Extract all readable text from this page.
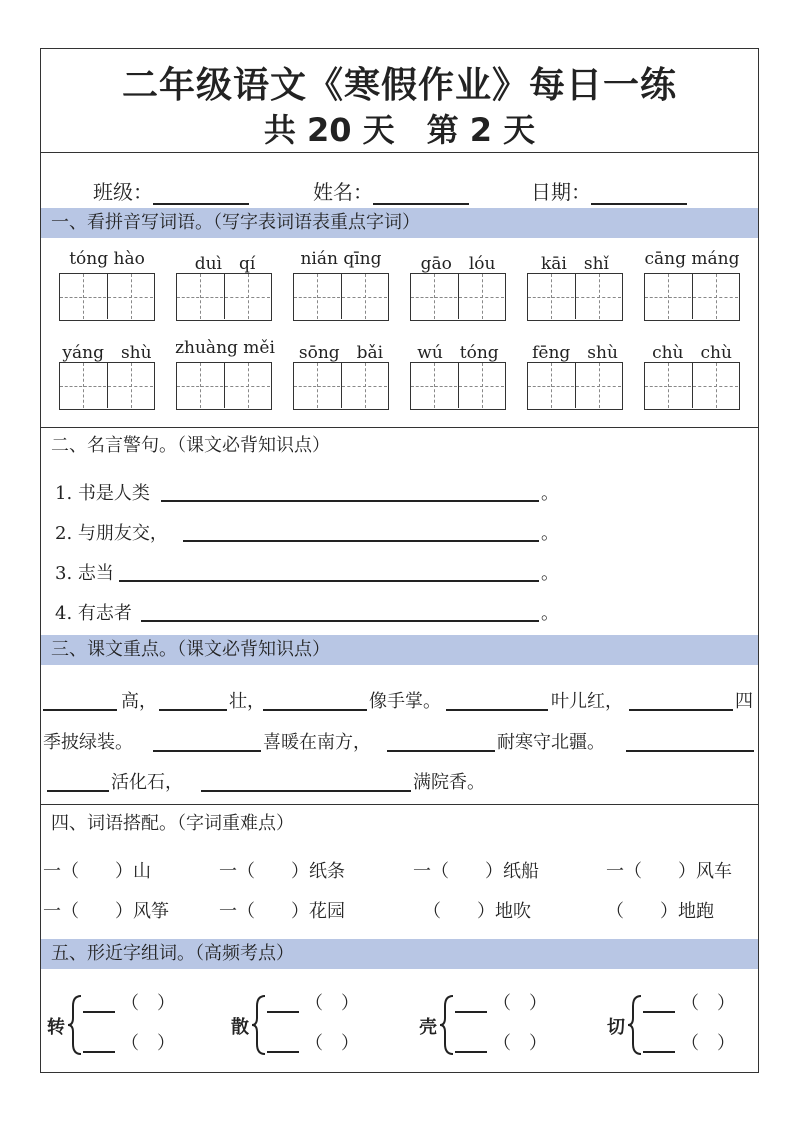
二年级语文《寒假作业》每日一练
共 20 天　第 2 天
班级：	姓名：	日期：
一、看拼音写词语。（写字表词语表重点字词）
tóng hào	duì　qí	nián qīng	gāo　lóu	kāi　shǐ	cāng máng
yáng　shù	zhuàng měi	sōng　bǎi	wú　tóng	fēng　shù	chù　chù
二、名言警句。（课文必背知识点）
1. 书是人类	。
2. 与朋友交，	。
3. 志当	。
4. 有志者	。
三、课文重点。（课文必背知识点）
高，	壮，	像手掌。	叶儿红，	四
季披绿装。	喜暖在南方，	耐寒守北疆。
活化石，	满院香。
四、词语搭配。（字词重难点）
一（　　）山	一（　　）纸条	一（　　）纸船	一（　　）风车
一（　　）风筝	一（　　）花园	（　　）地吹	（　　）地跑
五、形近字组词。（高频考点）
转
（　）
（　）
散
（　）
（　）
壳
（　）
（　）
切
（　）
（　）
